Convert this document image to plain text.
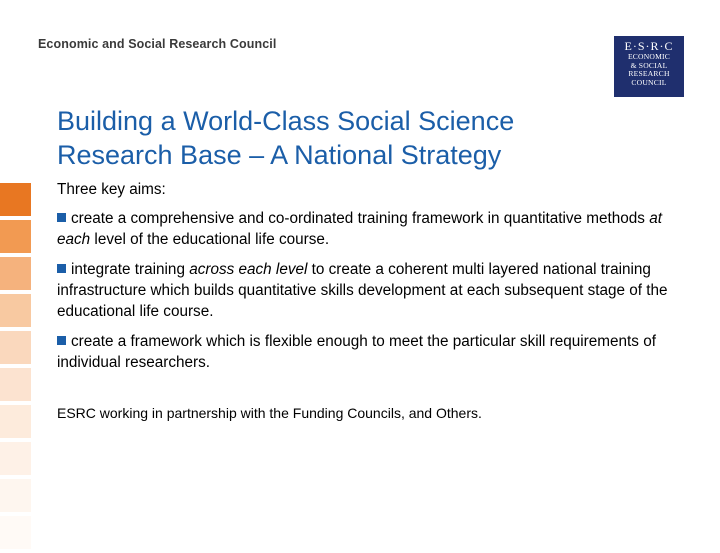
Economic and Social Research Council	E·S·R·C
ECONOMIC
& SOCIAL
RESEARCH
COUNCIL
Building a World-Class Social Science
Research Base – A National Strategy

Three key aims:

create a comprehensive and co-ordinated training framework in quantitative methods at each level of the educational life course.

integrate training across each level to create a coherent multi layered national training infrastructure which builds quantitative skills development at each subsequent stage of the educational life course.

create a framework which is flexible enough to meet the particular skill requirements of individual researchers.

ESRC working in partnership with the Funding Councils, and Others.
